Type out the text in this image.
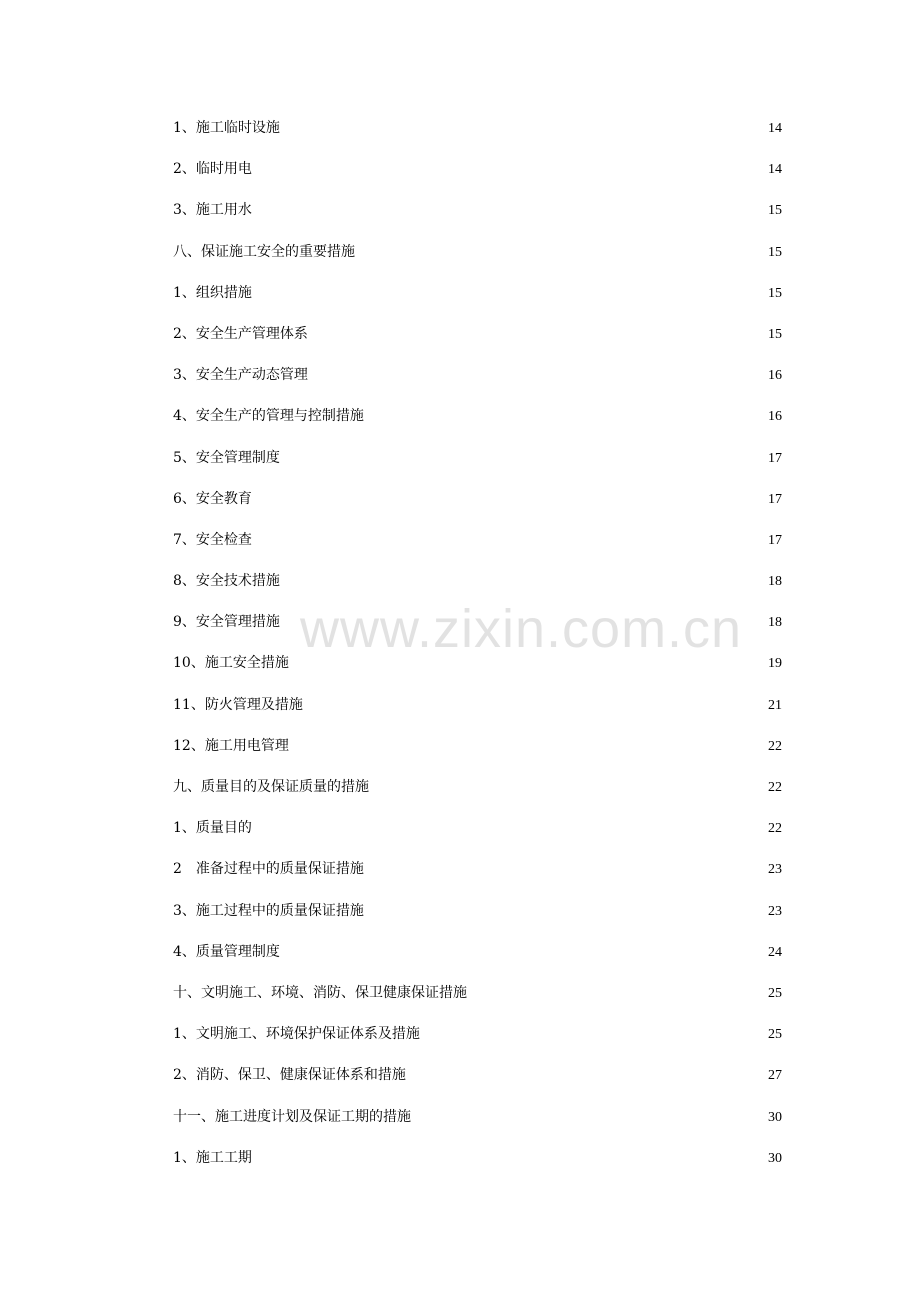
1、施工临时设施	14
2、临时用电	14
3、施工用水	15
八、保证施工安全的重要措施	15
1、组织措施	15
2、安全生产管理体系	15
3、安全生产动态管理	16
4、安全生产的管理与控制措施	16
5、安全管理制度	17
6、安全教育	17
7、安全检查	17
8、安全技术措施	18
9、安全管理措施	18
10、施工安全措施	19
11、防火管理及措施	21
12、施工用电管理	22
九、质量目的及保证质量的措施	22
1、质量目的	22
2　准备过程中的质量保证措施	23
3、施工过程中的质量保证措施	23
4、质量管理制度	24
十、文明施工、环境、消防、保卫健康保证措施	25
1、文明施工、环境保护保证体系及措施	25
2、消防、保卫、健康保证体系和措施	27
十一、施工进度计划及保证工期的措施	30
1、施工工期	30
www.zixin.com.cn
